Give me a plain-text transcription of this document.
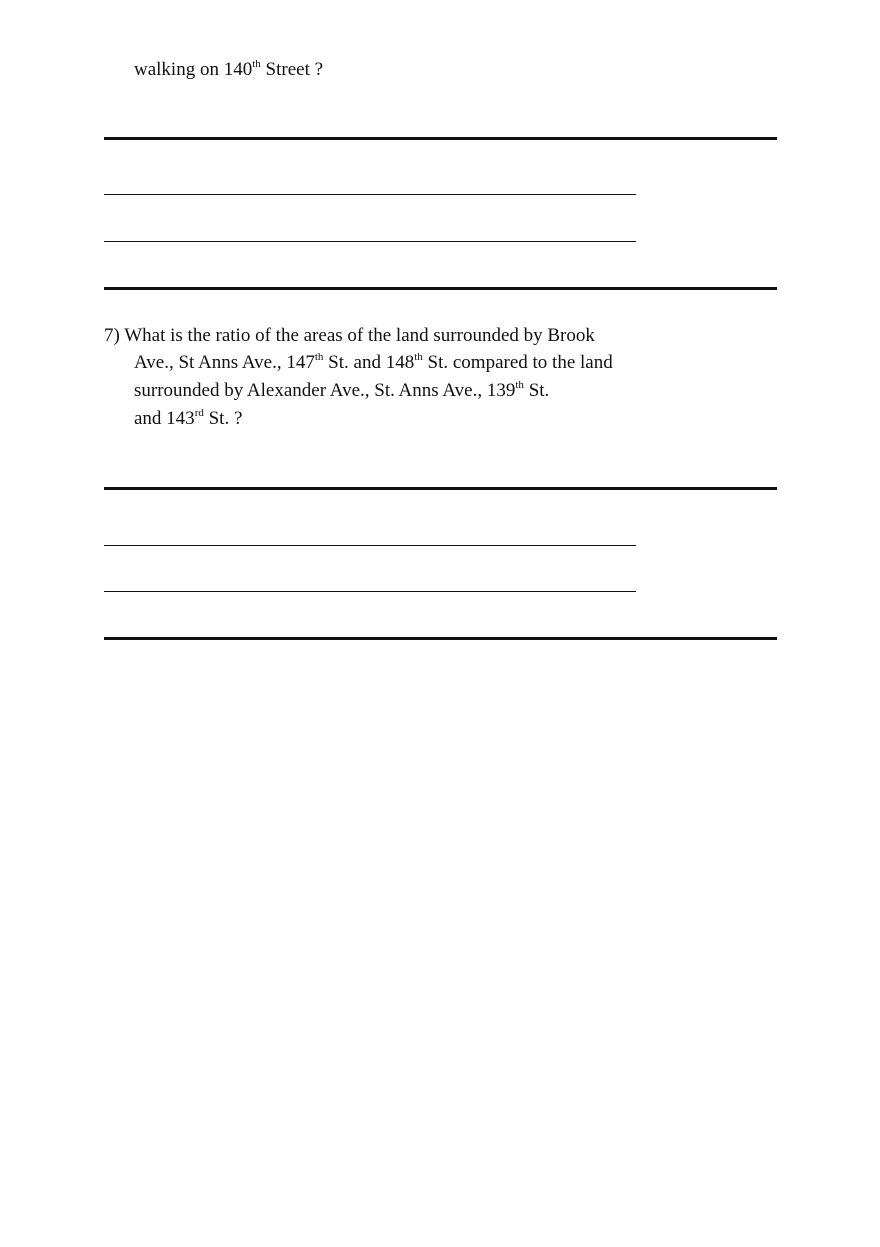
walking on 140th Street ?
7) What is the ratio of the areas of the land surrounded by Brook
Ave., St Anns Ave., 147th St. and 148th St. compared to the land
surrounded by Alexander Ave., St. Anns Ave., 139th St.
and 143rd St. ?
